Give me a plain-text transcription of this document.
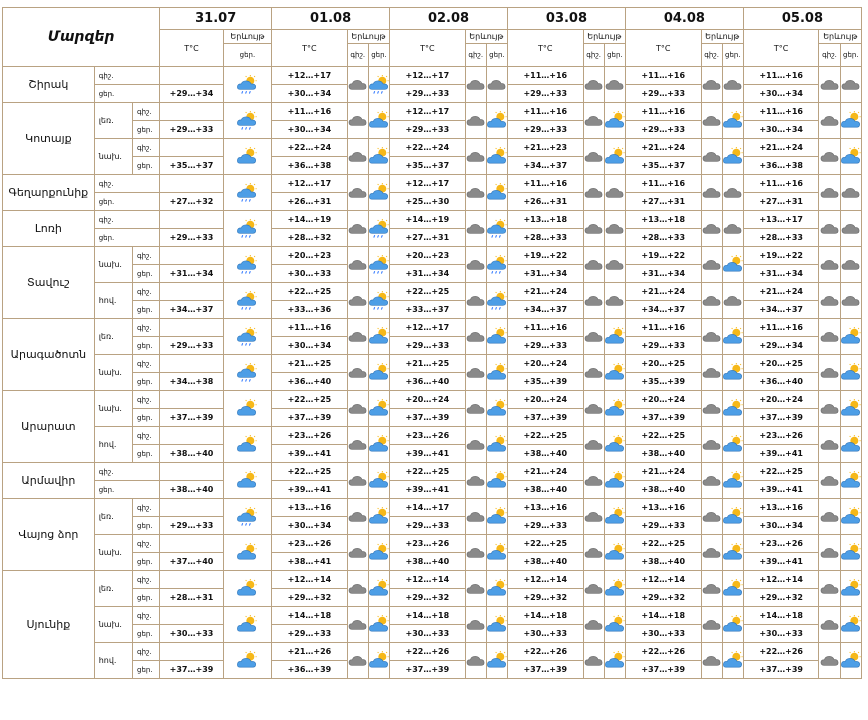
Մարզեր			31.07		01.08			02.08			03.08			04.08			05.08		
			T°C	Երևույթ	T°C	Երևույթ		T°C	Երևույթ		T°C	Երևույթ		T°C	Երևույթ		T°C	Երևույթ	
				ցեր.		գիշ.	ցեր.		գիշ.	ցեր.		գիշ.	ցեր.		գիշ.	ցեր.		գիշ.	ցեր.
Շիրակ	գիշ.				+12…+17			+12…+17			+11…+16			+11…+16			+11…+16	

	ցեր.		+29…+34		+30…+34			+29…+33			+29…+33			+29…+33			+30…+34		
Կոտայք	լեռ.	գիշ.			+11…+16			+12…+17			+11…+16			+11…+16			+11…+16	

		ցեր.	+29…+33		+30…+34			+29…+33			+29…+33			+29…+33			+30…+34		
	նախ.	գիշ.			+22…+24			+22…+24			+21…+23			+21…+24			+21…+24	

		ցեր.	+35…+37		+36…+38			+35…+37			+34…+37			+35…+37			+36…+38		
Գեղարքունիք	գիշ.				+12…+17			+12…+17			+11…+16			+11…+16			+11…+16	

	ցեր.		+27…+32		+26…+31			+25…+30			+26…+31			+27…+31			+27…+31		
Լոռի	գիշ.				+14…+19			+14…+19			+13…+18			+13…+18			+13…+17	

	ցեր.		+29…+33		+28…+32			+27…+31			+28…+33			+28…+33			+28…+33		
Տավուշ	նախ.	գիշ.			+20…+23			+20…+23			+19…+22			+19…+22			+19…+22	

		ցեր.	+31…+34		+30…+33			+31…+34			+31…+34			+31…+34			+31…+34		
	հով.	գիշ.			+22…+25			+22…+25			+21…+24			+21…+24			+21…+24	

		ցեր.	+34…+37		+33…+36			+33…+37			+34…+37			+34…+37			+34…+37		
Արագածոտն	լեռ.	գիշ.			+11…+16			+12…+17			+11…+16			+11…+16			+11…+16	

		ցեր.	+29…+33		+30…+34			+29…+33			+29…+33			+29…+33			+29…+34		
	նախ.	գիշ.			+21…+25			+21…+25			+20…+24			+20…+25			+20…+25	

		ցեր.	+34…+38		+36…+40			+36…+40			+35…+39			+35…+39			+36…+40		
Արարատ	նախ.	գիշ.			+22…+25			+20…+24			+20…+24			+20…+24			+20…+24	

		ցեր.	+37…+39		+37…+39			+37…+39			+37…+39			+37…+39			+37…+39		
	հով.	գիշ.			+23…+26			+23…+26			+22…+25			+22…+25			+23…+26	

		ցեր.	+38…+40		+39…+41			+39…+41			+38…+40			+38…+40			+39…+41		
Արմավիր	գիշ.				+22…+25			+22…+25			+21…+24			+21…+24			+22…+25	

	ցեր.		+38…+40		+39…+41			+39…+41			+38…+40			+38…+40			+39…+41		
Վայոց ձոր	լեռ.	գիշ.			+13…+16			+14…+17			+13…+16			+13…+16			+13…+16	

		ցեր.	+29…+33		+30…+34			+29…+33			+29…+33			+29…+33			+30…+34		
	նախ.	գիշ.			+23…+26			+23…+26			+22…+25			+22…+25			+23…+26	

		ցեր.	+37…+40		+38…+41			+38…+40			+38…+40			+38…+40			+39…+41		
Սյունիք	լեռ.	գիշ.			+12…+14			+12…+14			+12…+14			+12…+14			+12…+14	

		ցեր.	+28…+31		+29…+32			+29…+32			+29…+32			+29…+32			+29…+32		
	նախ.	գիշ.			+14…+18			+14…+18			+14…+18			+14…+18			+14…+18	

		ցեր.	+30…+33		+29…+33			+30…+33			+30…+33			+30…+33			+30…+33		
	հով.	գիշ.			+21…+26			+22…+26			+22…+26			+22…+26			+22…+26	

		ցեր.	+37…+39		+36…+39			+37…+39			+37…+39			+37…+39			+37…+39		
